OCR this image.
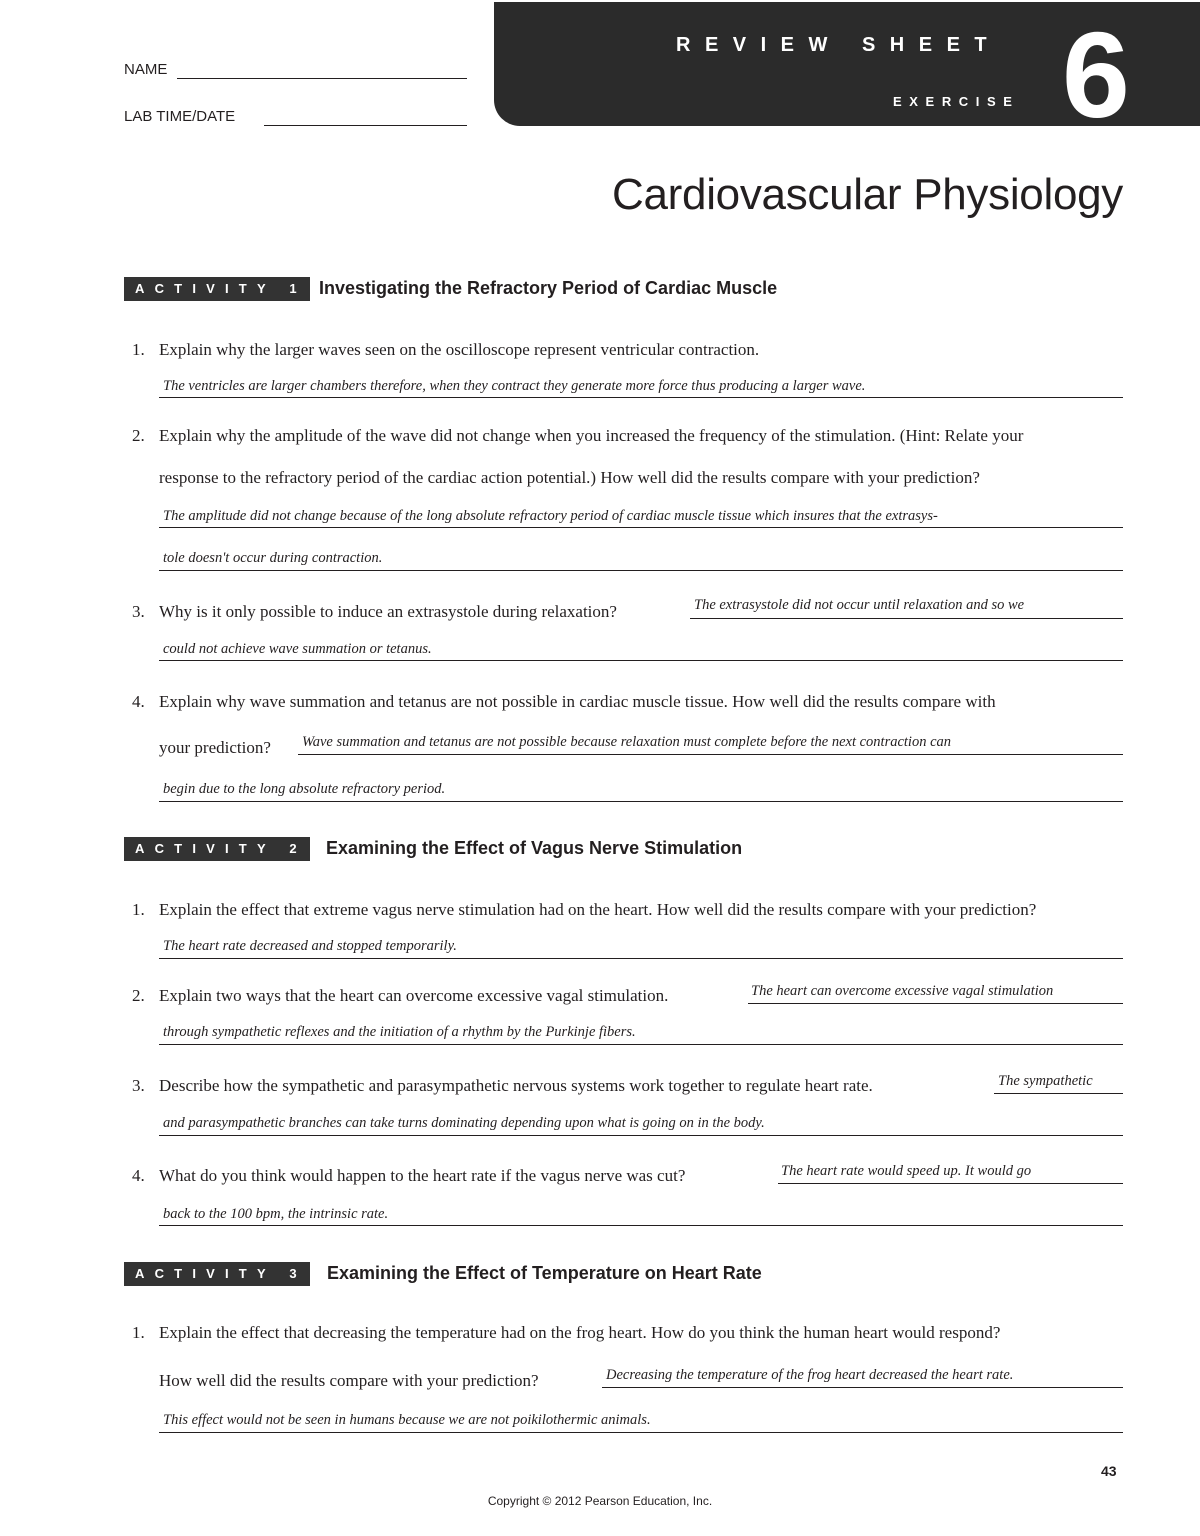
NAME
LAB TIME/DATE
REVIEW SHEET
EXERCISE 6
Cardiovascular Physiology
ACTIVITY 1 Investigating the Refractory Period of Cardiac Muscle
1. Explain why the larger waves seen on the oscilloscope represent ventricular contraction.
The ventricles are larger chambers therefore, when they contract they generate more force thus producing a larger wave.
2. Explain why the amplitude of the wave did not change when you increased the frequency of the stimulation. (Hint: Relate your
response to the refractory period of the cardiac action potential.) How well did the results compare with your prediction?
The amplitude did not change because of the long absolute refractory period of cardiac muscle tissue which insures that the extrasys-
tole doesn't occur during contraction.
3. Why is it only possible to induce an extrasystole during relaxation?	The extrasystole did not occur until relaxation and so we
could not achieve wave summation or tetanus.
4. Explain why wave summation and tetanus are not possible in cardiac muscle tissue. How well did the results compare with
your prediction? Wave summation and tetanus are not possible because relaxation must complete before the next contraction can
begin due to the long absolute refractory period.
ACTIVITY 2 Examining the Effect of Vagus Nerve Stimulation
1. Explain the effect that extreme vagus nerve stimulation had on the heart. How well did the results compare with your prediction?
The heart rate decreased and stopped temporarily.
2. Explain two ways that the heart can overcome excessive vagal stimulation.	The heart can overcome excessive vagal stimulation
through sympathetic reflexes and the initiation of a rhythm by the Purkinje fibers.
3. Describe how the sympathetic and parasympathetic nervous systems work together to regulate heart rate.	The sympathetic
and parasympathetic branches can take turns dominating depending upon what is going on in the body.
4. What do you think would happen to the heart rate if the vagus nerve was cut?	The heart rate would speed up. It would go
back to the 100 bpm, the intrinsic rate.
ACTIVITY 3 Examining the Effect of Temperature on Heart Rate
1. Explain the effect that decreasing the temperature had on the frog heart. How do you think the human heart would respond?
How well did the results compare with your prediction?	Decreasing the temperature of the frog heart decreased the heart rate.
This effect would not be seen in humans because we are not poikilothermic animals.
43
Copyright © 2012 Pearson Education, Inc.
